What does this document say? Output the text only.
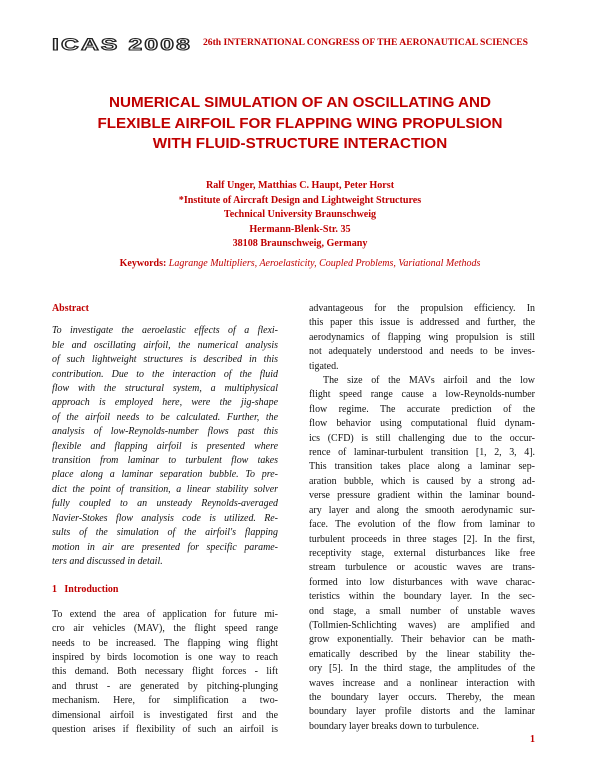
ICAS 2008 26th INTERNATIONAL CONGRESS OF THE AERONAUTICAL SCIENCES
NUMERICAL SIMULATION OF AN OSCILLATING AND
FLEXIBLE AIRFOIL FOR FLAPPING WING PROPULSION
WITH FLUID-STRUCTURE INTERACTION
Ralf Unger, Matthias C. Haupt, Peter Horst
*Institute of Aircraft Design and Lightweight Structures
Technical University Braunschweig
Hermann-Blenk-Str. 35
38108 Braunschweig, Germany
Keywords: Lagrange Multipliers, Aeroelasticity, Coupled Problems, Variational Methods
Abstract

To investigate the aeroelastic effects of a flexi-
ble and oscillating airfoil, the numerical analysis
of such lightweight structures is described in this
contribution. Due to the interaction of the fluid
flow with the structural system, a multiphysical
approach is employed here, were the jig-shape
of the airfoil needs to be calculated. Further, the
analysis of low-Reynolds-number flows past this
flexible and flapping airfoil is presented where
transition from laminar to turbulent flow takes
place along a laminar separation bubble. To pre-
dict the point of transition, a linear stability solver
fully coupled to an unsteady Reynolds-averaged
Navier-Stokes flow analysis code is utilized. Re-
sults of the simulation of the airfoil's flapping
motion in air are presented for specific parame-
ters and discussed in detail.

1 Introduction

To extend the area of application for future mi-
cro air vehicles (MAV), the flight speed range
needs to be increased. The flapping wing flight
inspired by birds locomotion is one way to reach
this demand. Both necessary flight forces - lift
and thrust - are generated by pitching-plunging
mechanism. Here, for simplification a two-
dimensional airfoil is investigated first and the
question arises if flexibility of such an airfoil is

advantageous for the propulsion efficiency. In
this paper this issue is addressed and further, the
aerodynamics of flapping wing propulsion is still
not adequately understood and needs to be inves-
tigated.

The size of the MAVs airfoil and the low
flight speed range cause a low-Reynolds-number
flow regime. The accurate prediction of the
flow behavior using computational fluid dynam-
ics (CFD) is still challenging due to the occur-
rence of laminar-turbulent transition [1, 2, 3, 4].
This transition takes place along a laminar sep-
aration bubble, which is caused by a strong ad-
verse pressure gradient within the laminar bound-
ary layer and along the smooth aerodynamic sur-
face. The evolution of the flow from laminar to
turbulent proceeds in three stages [2]. In the first,
receptivity stage, external disturbances like free
stream turbulence or acoustic waves are trans-
formed into low disturbances with wave charac-
teristics within the boundary layer. In the sec-
ond stage, a small number of unstable waves
(Tollmien-Schlichting waves) are amplified and
grow exponentially. Their behavior can be math-
ematically described by the linear stability the-
ory [5]. In the third stage, the amplitudes of the
waves increase and a nonlinear interaction with
the boundary layer occurs. Thereby, the mean
boundary layer profile distorts and the laminar
boundary layer breaks down to turbulence.

1
